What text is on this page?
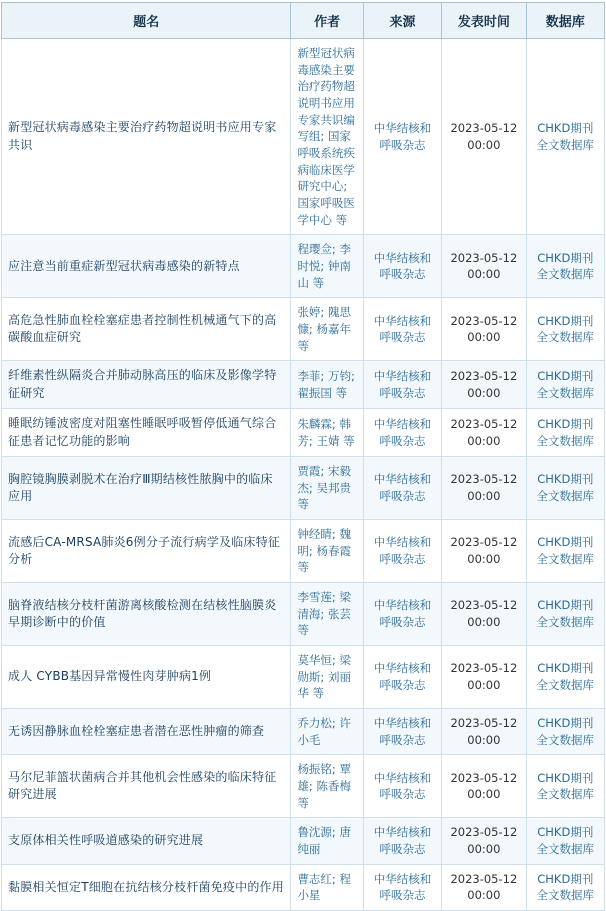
题名	作者	来源	发表时间	数据库
新型冠状病毒感染主要治疗药物超说明书应用专家共识	新型冠状病毒感染主要治疗药物超说明书应用专家共识编写组; 国家呼吸系统疾病临床医学研究中心; 国家呼吸医学中心 等	中华结核和呼吸杂志	2023-05-12 00:00	CHKD期刊全文数据库
应注意当前重症新型冠状病毒感染的新特点	程璎佥; 李时悦; 钟南山 等	中华结核和呼吸杂志	2023-05-12 00:00	CHKD期刊全文数据库
高危急性肺血栓栓塞症患者控制性机械通气下的高碳酸血症研究	张婷; 隗思慷; 杨嘉年 等	中华结核和呼吸杂志	2023-05-12 00:00	CHKD期刊全文数据库
纤维素性纵隔炎合并肺动脉高压的临床及影像学特征研究	李菲; 万钧; 翟振国 等	中华结核和呼吸杂志	2023-05-12 00:00	CHKD期刊全文数据库
睡眠纺锤波密度对阻塞性睡眠呼吸暂停低通气综合征患者记忆功能的影响	朱麟霖; 韩芳; 王婧 等	中华结核和呼吸杂志	2023-05-12 00:00	CHKD期刊全文数据库
胸腔镜胸膜剥脱术在治疗Ⅲ期结核性脓胸中的临床应用	贾霞; 宋毅杰; 吴邦贵 等	中华结核和呼吸杂志	2023-05-12 00:00	CHKD期刊全文数据库
流感后CA-MRSA肺炎6例分子流行病学及临床特征分析	钟经睛; 魏明; 杨春霞 等	中华结核和呼吸杂志	2023-05-12 00:00	CHKD期刊全文数据库
脑脊液结核分枝杆菌游离核酸检测在结核性脑膜炎早期诊断中的价值	李雪莲; 梁清海; 张芸 等	中华结核和呼吸杂志	2023-05-12 00:00	CHKD期刊全文数据库
成人 CYBB基因异常慢性肉芽肿病1例	莫华恒; 梁勋斯; 刘丽华 等	中华结核和呼吸杂志	2023-05-12 00:00	CHKD期刊全文数据库
无诱因静脉血栓栓塞症患者潜在恶性肿瘤的筛查	乔力松; 许小毛	中华结核和呼吸杂志	2023-05-12 00:00	CHKD期刊全文数据库
马尔尼菲篮状菌病合并其他机会性感染的临床特征研究进展	杨振铭; 覃雄; 陈香梅 等	中华结核和呼吸杂志	2023-05-12 00:00	CHKD期刊全文数据库
支原体相关性呼吸道感染的研究进展	鲁沈源; 唐纯丽	中华结核和呼吸杂志	2023-05-12 00:00	CHKD期刊全文数据库
黏膜相关恒定T细胞在抗结核分枝杆菌免疫中的作用	曹志红; 程小星	中华结核和呼吸杂志	2023-05-12 00:00	CHKD期刊全文数据库
